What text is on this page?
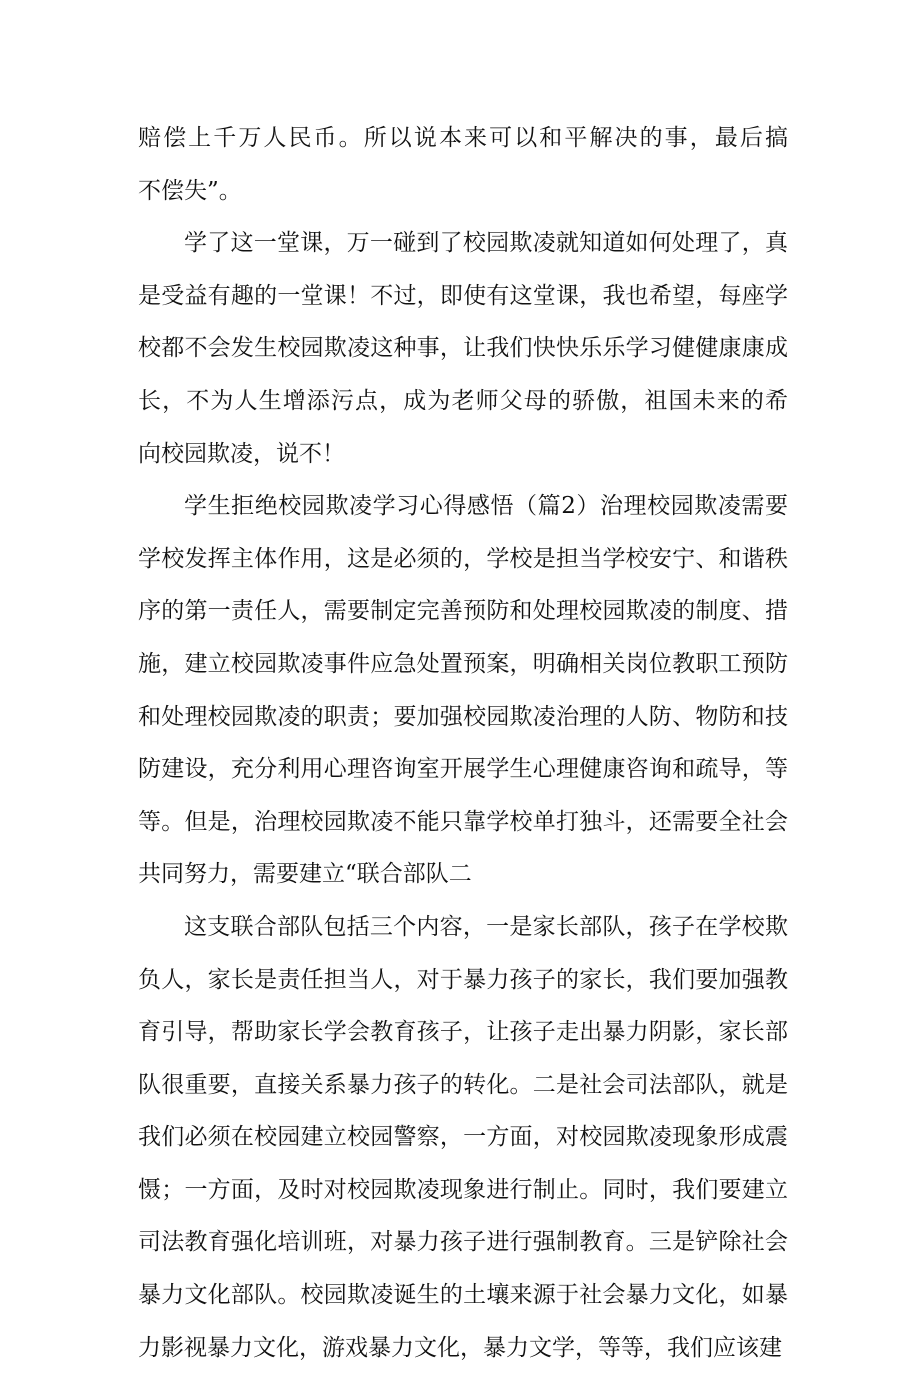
赔偿上千万人民币。所以说本来可以和平解决的事，最后搞
不偿失”。
学了这一堂课，万一碰到了校园欺凌就知道如何处理了，真
是受益有趣的一堂课！不过，即使有这堂课，我也希望，每座学
校都不会发生校园欺凌这种事，让我们快快乐乐学习健健康康成
长，不为人生增添污点，成为老师父母的骄傲，祖国未来的希
向校园欺凌，说不！
学生拒绝校园欺凌学习心得感悟（篇2）治理校园欺凌需要
学校发挥主体作用，这是必须的，学校是担当学校安宁、和谐秩
序的第一责任人，需要制定完善预防和处理校园欺凌的制度、措
施，建立校园欺凌事件应急处置预案，明确相关岗位教职工预防
和处理校园欺凌的职责；要加强校园欺凌治理的人防、物防和技
防建设，充分利用心理咨询室开展学生心理健康咨询和疏导，等
等。但是，治理校园欺凌不能只靠学校单打独斗，还需要全社会
共同努力，需要建立“联合部队二
这支联合部队包括三个内容，一是家长部队，孩子在学校欺
负人，家长是责任担当人，对于暴力孩子的家长，我们要加强教
育引导，帮助家长学会教育孩子，让孩子走出暴力阴影，家长部
队很重要，直接关系暴力孩子的转化。二是社会司法部队，就是
我们必须在校园建立校园警察，一方面，对校园欺凌现象形成震
慑；一方面，及时对校园欺凌现象进行制止。同时，我们要建立
司法教育强化培训班，对暴力孩子进行强制教育。三是铲除社会
暴力文化部队。校园欺凌诞生的土壤来源于社会暴力文化，如暴
力影视暴力文化，游戏暴力文化，暴力文学，等等，我们应该建
